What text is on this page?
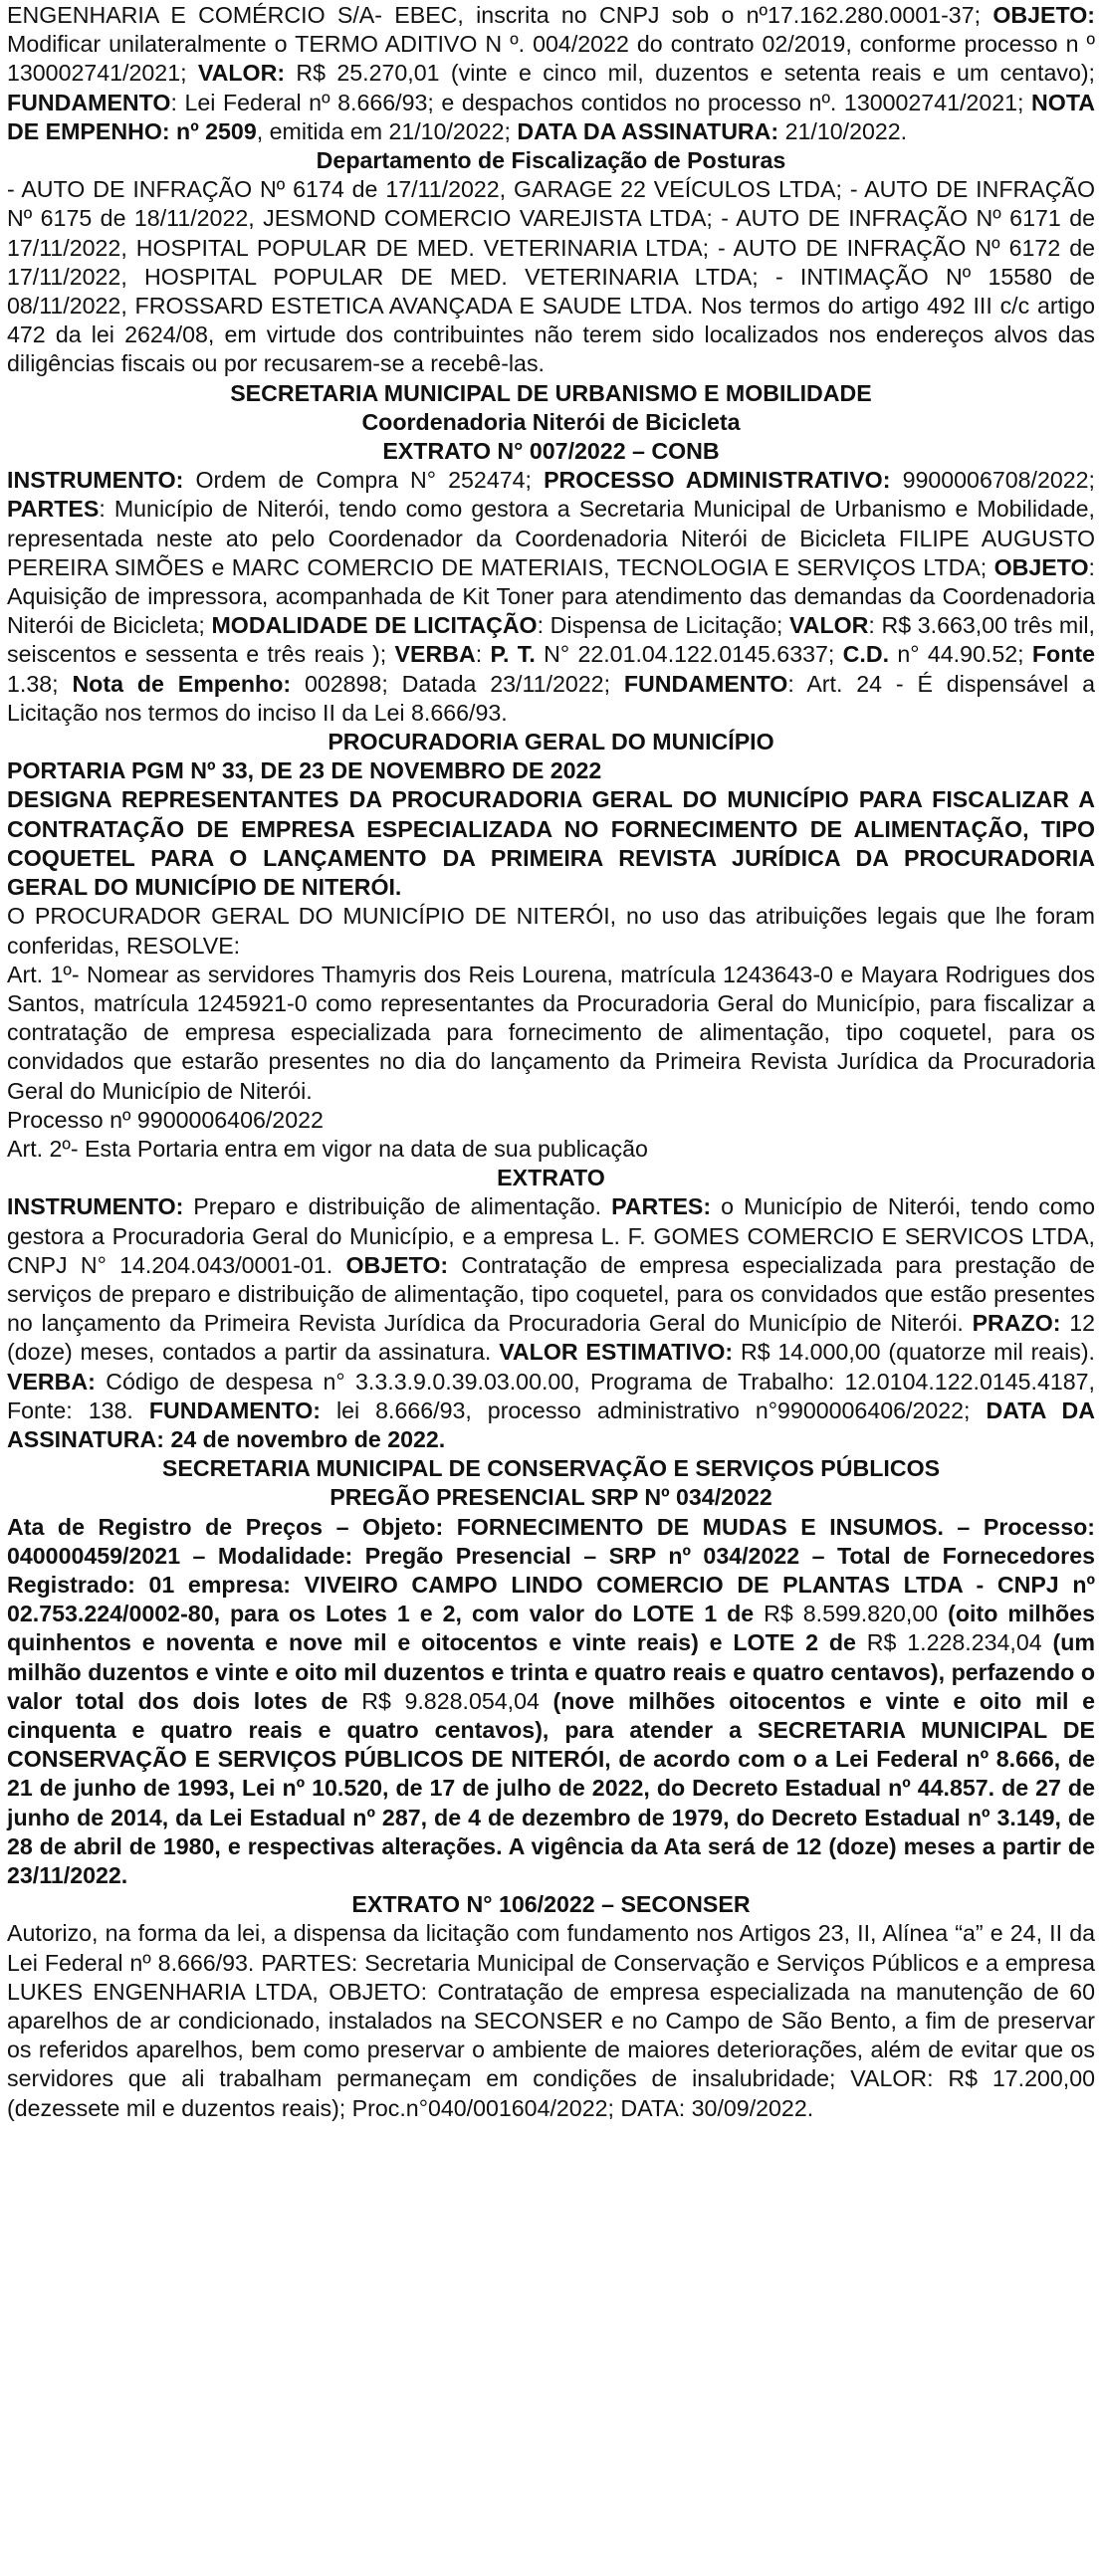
ENGENHARIA E COMÉRCIO S/A- EBEC, inscrita no CNPJ sob o nº17.162.280.0001-37; OBJETO: Modificar unilateralmente o TERMO ADITIVO N º. 004/2022 do contrato 02/2019, conforme processo n º 130002741/2021; VALOR: R$ 25.270,01 (vinte e cinco mil, duzentos e setenta reais e um centavo); FUNDAMENTO: Lei Federal nº 8.666/93; e despachos contidos no processo nº. 130002741/2021; NOTA DE EMPENHO: nº 2509, emitida em 21/10/2022; DATA DA ASSINATURA: 21/10/2022.
Departamento de Fiscalização de Posturas
- AUTO DE INFRAÇÃO Nº 6174 de 17/11/2022, GARAGE 22 VEÍCULOS LTDA; - AUTO DE INFRAÇÃO Nº 6175 de 18/11/2022, JESMOND COMERCIO VAREJISTA LTDA; - AUTO DE INFRAÇÃO Nº 6171 de 17/11/2022, HOSPITAL POPULAR DE MED. VETERINARIA LTDA; - AUTO DE INFRAÇÃO Nº 6172 de 17/11/2022, HOSPITAL POPULAR DE MED. VETERINARIA LTDA; - INTIMAÇÃO Nº 15580 de 08/11/2022, FROSSARD ESTETICA AVANÇADA E SAUDE LTDA. Nos termos do artigo 492 III c/c artigo 472 da lei 2624/08, em virtude dos contribuintes não terem sido localizados nos endereços alvos das diligências fiscais ou por recusarem-se a recebê-las.
SECRETARIA MUNICIPAL DE URBANISMO E MOBILIDADE
Coordenadoria Niterói de Bicicleta
EXTRATO N° 007/2022 – CONB
INSTRUMENTO: Ordem de Compra N° 252474; PROCESSO ADMINISTRATIVO: 9900006708/2022; PARTES: Município de Niterói, tendo como gestora a Secretaria Municipal de Urbanismo e Mobilidade, representada neste ato pelo Coordenador da Coordenadoria Niterói de Bicicleta FILIPE AUGUSTO PEREIRA SIMÕES e MARC COMERCIO DE MATERIAIS, TECNOLOGIA E SERVIÇOS LTDA; OBJETO: Aquisição de impressora, acompanhada de Kit Toner para atendimento das demandas da Coordenadoria Niterói de Bicicleta; MODALIDADE DE LICITAÇÃO: Dispensa de Licitação; VALOR: R$ 3.663,00 três mil, seiscentos e sessenta e três reais ); VERBA: P. T. N° 22.01.04.122.0145.6337; C.D. n° 44.90.52; Fonte 1.38; Nota de Empenho: 002898; Datada 23/11/2022; FUNDAMENTO: Art. 24 - É dispensável a Licitação nos termos do inciso II da Lei 8.666/93.
PROCURADORIA GERAL DO MUNICÍPIO
PORTARIA PGM Nº 33, DE 23 DE NOVEMBRO DE 2022
DESIGNA REPRESENTANTES DA PROCURADORIA GERAL DO MUNICÍPIO PARA FISCALIZAR A CONTRATAÇÃO DE EMPRESA ESPECIALIZADA NO FORNECIMENTO DE ALIMENTAÇÃO, TIPO COQUETEL PARA O LANÇAMENTO DA PRIMEIRA REVISTA JURÍDICA DA PROCURADORIA GERAL DO MUNICÍPIO DE NITERÓI.
O PROCURADOR GERAL DO MUNICÍPIO DE NITERÓI, no uso das atribuições legais que lhe foram conferidas, RESOLVE:
Art. 1º- Nomear as servidores Thamyris dos Reis Lourena, matrícula 1243643-0 e Mayara Rodrigues dos Santos, matrícula 1245921-0 como representantes da Procuradoria Geral do Município, para fiscalizar a contratação de empresa especializada para fornecimento de alimentação, tipo coquetel, para os convidados que estarão presentes no dia do lançamento da Primeira Revista Jurídica da Procuradoria Geral do Município de Niterói.
Processo nº 9900006406/2022
Art. 2º- Esta Portaria entra em vigor na data de sua publicação
EXTRATO
INSTRUMENTO: Preparo e distribuição de alimentação. PARTES: o Município de Niterói, tendo como gestora a Procuradoria Geral do Município, e a empresa L. F. GOMES COMERCIO E SERVICOS LTDA, CNPJ N° 14.204.043/0001-01. OBJETO: Contratação de empresa especializada para prestação de serviços de preparo e distribuição de alimentação, tipo coquetel, para os convidados que estão presentes no lançamento da Primeira Revista Jurídica da Procuradoria Geral do Município de Niterói. PRAZO: 12 (doze) meses, contados a partir da assinatura. VALOR ESTIMATIVO: R$ 14.000,00 (quatorze mil reais). VERBA: Código de despesa n° 3.3.3.9.0.39.03.00.00, Programa de Trabalho: 12.0104.122.0145.4187, Fonte: 138. FUNDAMENTO: lei 8.666/93, processo administrativo n°9900006406/2022; DATA DA ASSINATURA: 24 de novembro de 2022.
SECRETARIA MUNICIPAL DE CONSERVAÇÃO E SERVIÇOS PÚBLICOS
PREGÃO PRESENCIAL SRP Nº 034/2022
Ata de Registro de Preços – Objeto: FORNECIMENTO DE MUDAS E INSUMOS. – Processo: 040000459/2021 – Modalidade: Pregão Presencial – SRP nº 034/2022 – Total de Fornecedores Registrado: 01 empresa: VIVEIRO CAMPO LINDO COMERCIO DE PLANTAS LTDA - CNPJ nº 02.753.224/0002-80, para os Lotes 1 e 2, com valor do LOTE 1 de R$ 8.599.820,00 (oito milhões quinhentos e noventa e nove mil e oitocentos e vinte reais) e LOTE 2 de R$ 1.228.234,04 (um milhão duzentos e vinte e oito mil duzentos e trinta e quatro reais e quatro centavos), perfazendo o valor total dos dois lotes de R$ 9.828.054,04 (nove milhões oitocentos e vinte e oito mil e cinquenta e quatro reais e quatro centavos), para atender a SECRETARIA MUNICIPAL DE CONSERVAÇÃO E SERVIÇOS PÚBLICOS DE NITERÓI, de acordo com o a Lei Federal nº 8.666, de 21 de junho de 1993, Lei nº 10.520, de 17 de julho de 2022, do Decreto Estadual nº 44.857. de 27 de junho de 2014, da Lei Estadual nº 287, de 4 de dezembro de 1979, do Decreto Estadual nº 3.149, de 28 de abril de 1980, e respectivas alterações. A vigência da Ata será de 12 (doze) meses a partir de 23/11/2022.
EXTRATO N° 106/2022 – SECONSER
Autorizo, na forma da lei, a dispensa da licitação com fundamento nos Artigos 23, II, Alínea “a” e 24, II da Lei Federal nº 8.666/93. PARTES: Secretaria Municipal de Conservação e Serviços Públicos e a empresa LUKES ENGENHARIA LTDA, OBJETO: Contratação de empresa especializada na manutenção de 60 aparelhos de ar condicionado, instalados na SECONSER e no Campo de São Bento, a fim de preservar os referidos aparelhos, bem como preservar o ambiente de maiores deteriorações, além de evitar que os servidores que ali trabalham permaneçam em condições de insalubridade; VALOR: R$ 17.200,00 (dezessete mil e duzentos reais); Proc.n°040/001604/2022; DATA: 30/09/2022.
